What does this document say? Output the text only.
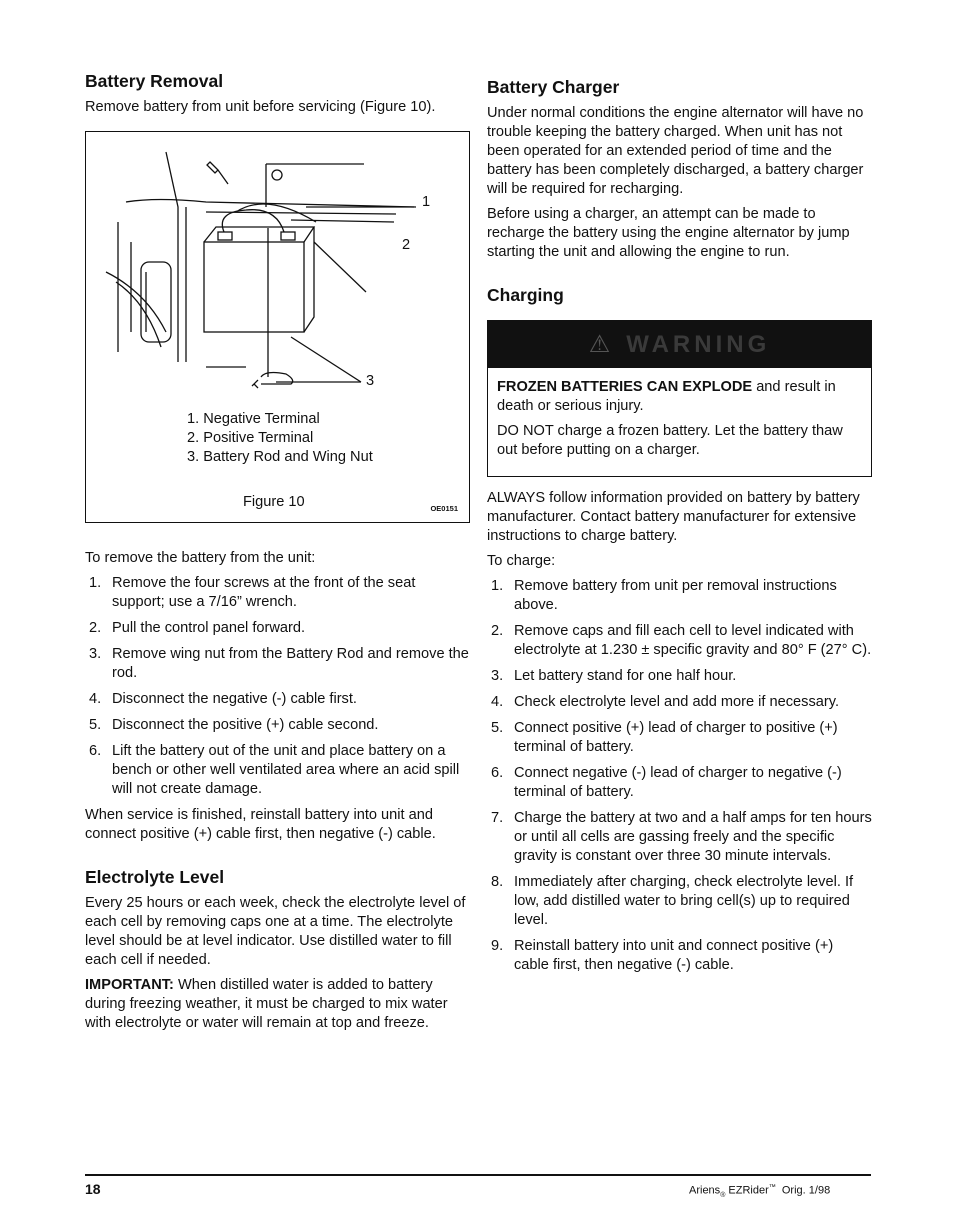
Battery Removal

Remove battery from unit before servicing (Figure 10).

1
2
3
1. Negative Terminal
2. Positive Terminal
3. Battery Rod and Wing Nut
Figure 10	OE0151

To remove the battery from the unit:

1. Remove the four screws at the front of the seat support; use a 7/16” wrench.
2. Pull the control panel forward.
3. Remove wing nut from the Battery Rod and remove the rod.
4. Disconnect the negative (-) cable first.
5. Disconnect the positive (+) cable second.
6. Lift the battery out of the unit and place battery on a bench or other well ventilated area where an acid spill will not create damage.

When service is finished, reinstall battery into unit and connect positive (+) cable first, then negative (-) cable.

Electrolyte Level

Every 25 hours or each week, check the electrolyte level of each cell by removing caps one at a time. The electrolyte level should be at level indicator. Use distilled water to fill each cell if needed.

IMPORTANT: When distilled water is added to battery during freezing weather, it must be charged to mix water with electrolyte or water will remain at top and freeze.

Battery Charger

Under normal conditions the engine alternator will have no trouble keeping the battery charged. When unit has not been operated for an extended period of time and the battery has been completely discharged, a battery charger will be required for recharging.

Before using a charger, an attempt can be made to recharge the battery using the engine alternator by jump starting the unit and allowing the engine to run.

Charging
⚠ WARNING

FROZEN BATTERIES CAN EXPLODE and result in death or serious injury.

DO NOT charge a frozen battery. Let the battery thaw out before putting on a charger.

ALWAYS follow information provided on battery by battery manufacturer. Contact battery manufacturer for extensive instructions to charge battery.

To charge:

1. Remove battery from unit per removal instructions above.
2. Remove caps and fill each cell to level indicated with electrolyte at 1.230 ± specific gravity and 80° F (27° C).
3. Let battery stand for one half hour.
4. Check electrolyte level and add more if necessary.
5. Connect positive (+) lead of charger to positive (+) terminal of battery.
6. Connect negative (-) lead of charger to negative (-) terminal of battery.
7. Charge the battery at two and a half amps for ten hours or until all cells are gassing freely and the specific gravity is constant over three 30 minute intervals.
8. Immediately after charging, check electrolyte level. If low, add distilled water to bring cell(s) up to required level.
9. Reinstall battery into unit and connect positive (+) cable first, then negative (-) cable.
18	Ariens$_®$ EZRider™  Orig. 1/98
